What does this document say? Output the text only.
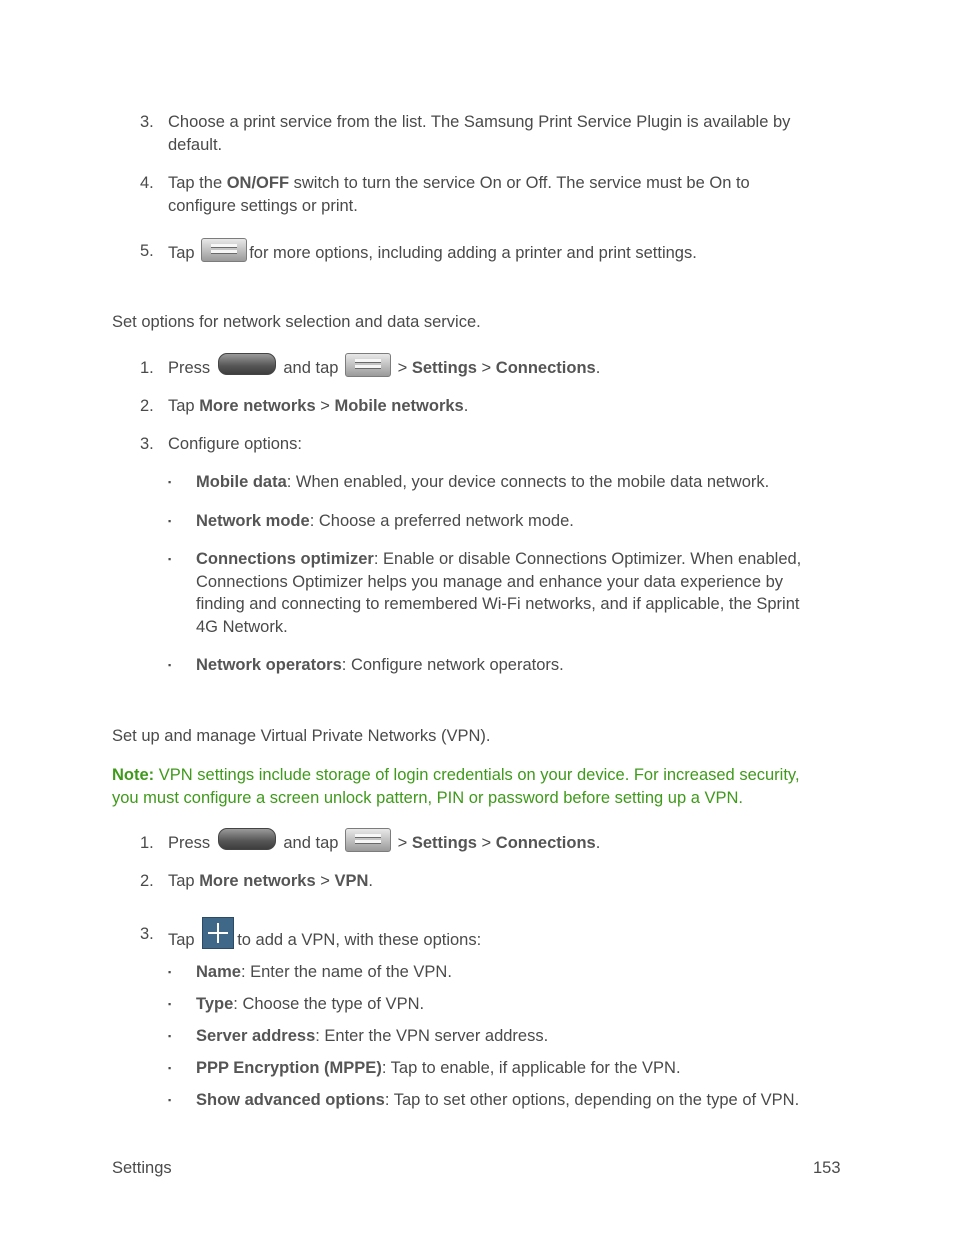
3. Choose a print service from the list. The Samsung Print Service Plugin is available by
default.
4. Tap the ON/OFF switch to turn the service On or Off. The service must be On to
configure settings or print.
5. Tap	for more options, including adding a printer and print settings.
Set options for network selection and data service.
1. Press	and tap	> Settings > Connections.
2. Tap More networks > Mobile networks.
3. Configure options:
▪ Mobile data: When enabled, your device connects to the mobile data network.
▪ Network mode: Choose a preferred network mode.
▪ Connections optimizer: Enable or disable Connections Optimizer. When enabled,
Connections Optimizer helps you manage and enhance your data experience by
finding and connecting to remembered Wi-Fi networks, and if applicable, the Sprint
4G Network.
▪ Network operators: Configure network operators.
Set up and manage Virtual Private Networks (VPN).
Note: VPN settings include storage of login credentials on your device. For increased security,
you must configure a screen unlock pattern, PIN or password before setting up a VPN.
1. Press	and tap	> Settings > Connections.
2. Tap More networks > VPN.
3. Tap	to add a VPN, with these options:
▪ Name: Enter the name of the VPN.
▪ Type: Choose the type of VPN.
▪ Server address: Enter the VPN server address.
▪ PPP Encryption (MPPE): Tap to enable, if applicable for the VPN.
▪ Show advanced options: Tap to set other options, depending on the type of VPN.
Settings	153
